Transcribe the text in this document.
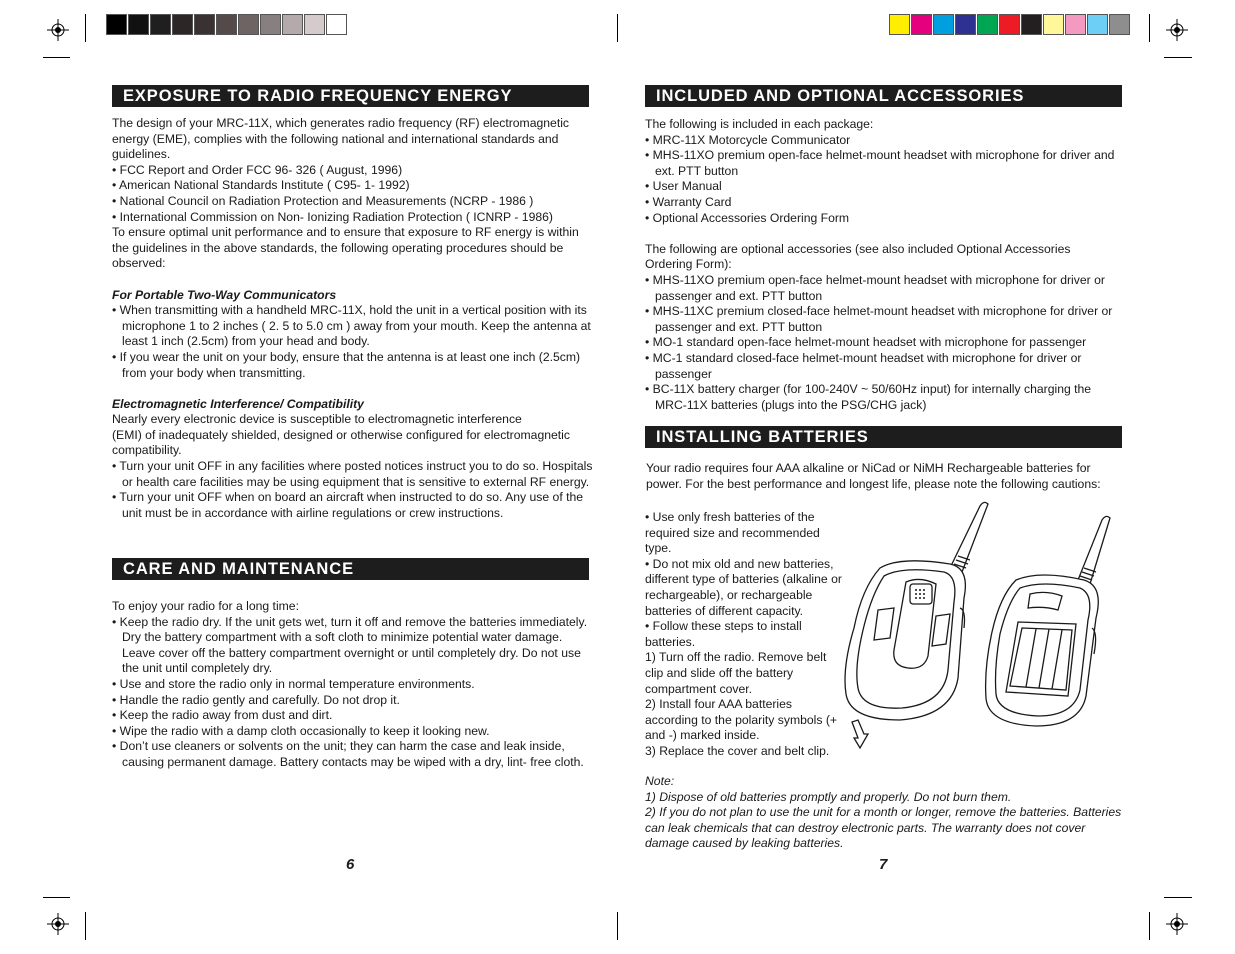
EXPOSURE TO RADIO FREQUENCY ENERGY

The design of your MRC-11X, which generates radio frequency (RF) electromagnetic energy (EME), complies with the following national and international standards and guidelines.

• FCC Report and Order FCC 96- 326 ( August, 1996)

• American National Standards Institute ( C95- 1- 1992)

• National Council on Radiation Protection and Measurements (NCRP - 1986 )

• International Commission on Non- Ionizing Radiation Protection ( ICNRP - 1986)

To ensure optimal unit performance and to ensure that exposure to RF energy is within the guidelines in the above standards, the following operating procedures should be observed:

For Portable Two-Way Communicators

• When transmitting with a handheld MRC-11X, hold the unit in a vertical position with its microphone 1 to 2 inches ( 2. 5 to 5.0 cm ) away from your mouth. Keep the antenna at least 1 inch (2.5cm) from your head and body.

• If you wear the unit on your body, ensure that the antenna is at least one inch (2.5cm) from your body when transmitting.

Electromagnetic Interference/ Compatibility

Nearly every electronic device is susceptible to electromagnetic interference

(EMI) of inadequately shielded, designed or otherwise configured for electromagnetic compatibility.

• Turn your unit OFF in any facilities where posted notices instruct you to do so. Hospitals or health care facilities may be using equipment that is sensitive to external RF energy.

• Turn your unit OFF when on board an aircraft when instructed to do so. Any use of the unit must be in accordance with airline regulations or crew instructions.

CARE AND MAINTENANCE

To enjoy your radio for a long time:

• Keep the radio dry. If the unit gets wet, turn it off and remove the batteries immediately. Dry the battery compartment with a soft cloth to minimize potential water damage. Leave cover off the battery compartment overnight or until completely dry. Do not use the unit until completely dry.

• Use and store the radio only in normal temperature environments.

• Handle the radio gently and carefully. Do not drop it.

• Keep the radio away from dust and dirt.

• Wipe the radio with a damp cloth occasionally to keep it looking new.

• Don’t use cleaners or solvents on the unit; they can harm the case and leak inside, causing permanent damage. Battery contacts may be wiped with a dry, lint- free cloth.

6
INCLUDED AND OPTIONAL ACCESSORIES

The following is included in each package:

• MRC-11X Motorcycle Communicator

• MHS-11XO premium open-face helmet-mount headset with microphone for driver and ext. PTT button

• User Manual

• Warranty Card

• Optional Accessories Ordering Form

The following are optional accessories (see also included Optional Accessories Ordering Form):

• MHS-11XO premium open-face helmet-mount headset with microphone for driver or passenger and ext. PTT button

• MHS-11XC premium closed-face helmet-mount headset with microphone for driver or passenger and ext. PTT button

• MO-1 standard open-face helmet-mount headset with microphone for passenger

• MC-1 standard closed-face helmet-mount headset with microphone for driver or passenger

• BC-11X battery charger (for 100-240V ~ 50/60Hz input) for internally charging the MRC-11X batteries (plugs into the PSG/CHG jack)

INSTALLING BATTERIES
Your radio requires four AAA alkaline or NiCad or NiMH Rechargeable batteries for power. For the best performance and longest life, please note the following cautions:

• Use only fresh batteries of the required size and recommended type.

• Do not mix old and new batteries, different type of batteries (alkaline or rechargeable), or rechargeable batteries of different capacity.

• Follow these steps to install batteries.

1) Turn off the radio. Remove belt clip and slide off the battery compartment cover.

2) Install four AAA batteries according to the polarity symbols (+ and -) marked inside.

3) Replace the cover and belt clip.

Note:

1) Dispose of old batteries promptly and properly. Do not burn them.

2) If you do not plan to use the unit for a month or longer, remove the batteries. Batteries can leak chemicals that can destroy electronic parts. The warranty does not cover damage caused by leaking batteries.

7
